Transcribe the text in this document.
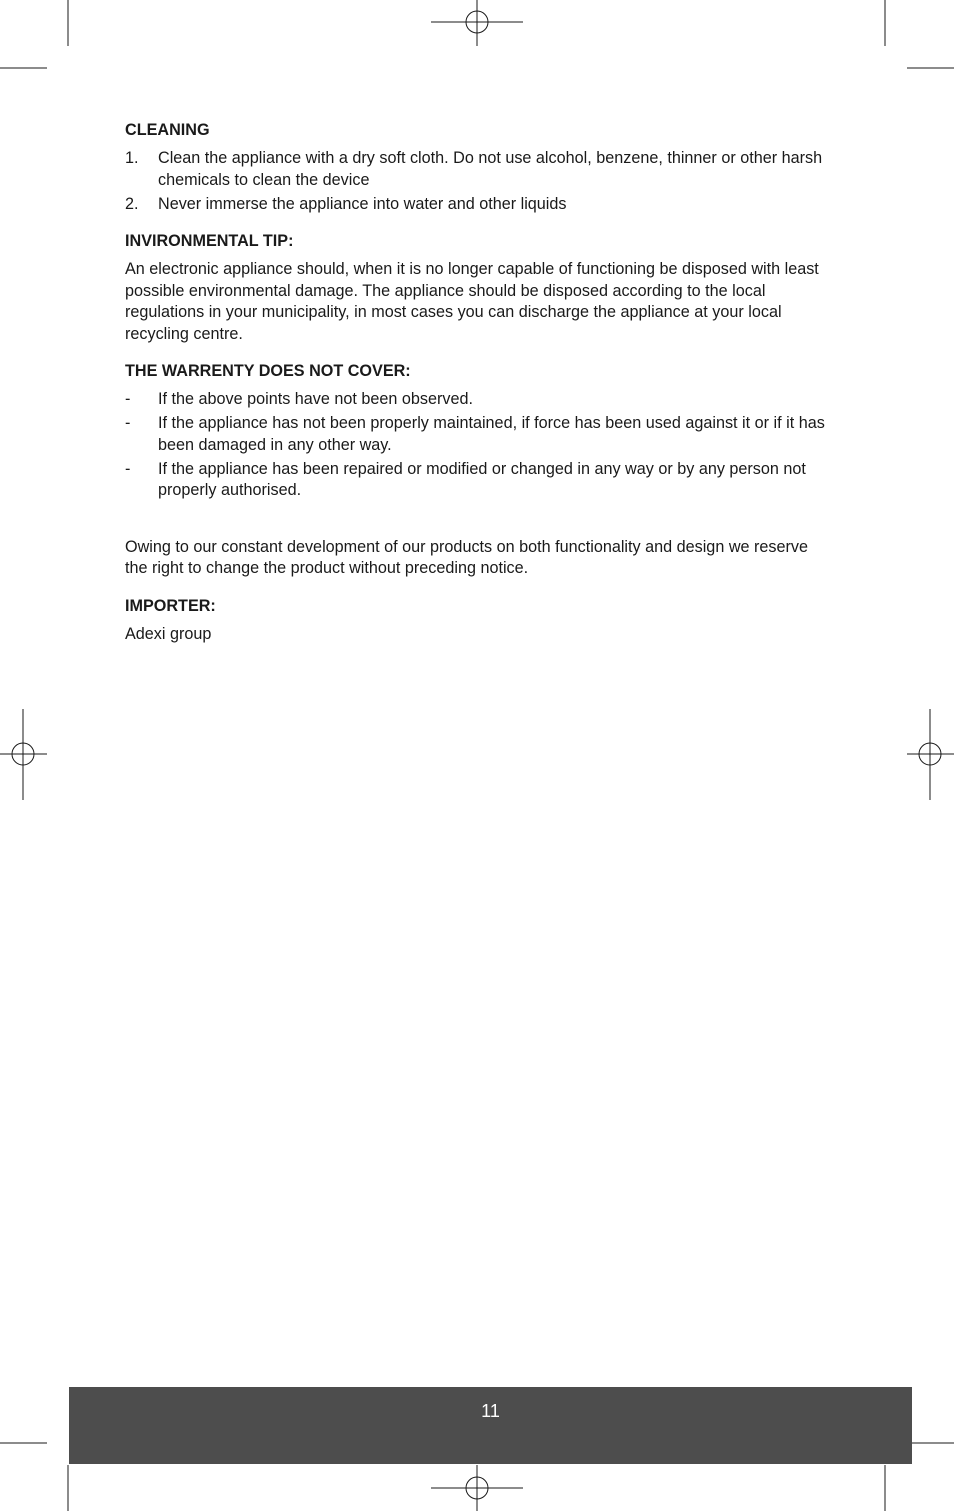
CLEANING
1.	Clean the appliance with a dry soft cloth. Do not use alcohol, benzene, thinner or other harsh chemicals to clean the device
2.	Never immerse the appliance into water and other liquids
INVIRONMENTAL TIP:

An electronic appliance should, when it is no longer capable of functioning be disposed with least possible environmental damage. The appliance should be disposed according to the local regulations in your municipality, in most cases you can discharge the appliance at your local recycling centre.

THE WARRENTY DOES NOT COVER:
-	If the above points have not been observed.
-	If the appliance has not been properly maintained, if force has been used against it or if it has been damaged in any other way.
-	If the appliance has been repaired or modified or changed in any way or by any person not properly authorised.

Owing to our constant development of our products on both functionality and design we reserve the right to change the product without preceding notice.

IMPORTER:

Adexi group

11
